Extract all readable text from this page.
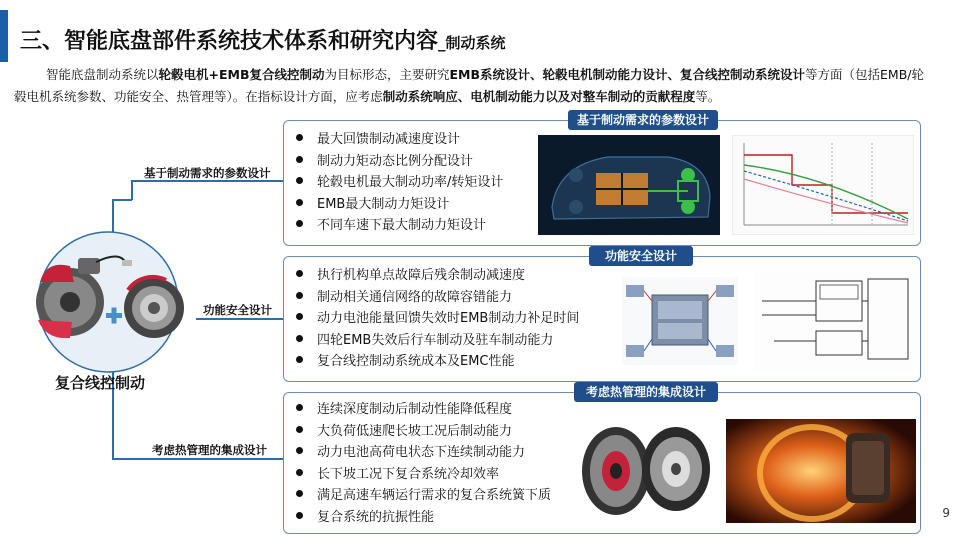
三、智能底盘部件系统技术体系和研究内容_制动系统
智能底盘制动系统以轮毂电机+EMB复合线控制动为目标形态，主要研究EMB系统设计、轮毂电机制动能力设计、复合线控制动系统设计等方面（包括EMB/轮毂电机系统参数、功能安全、热管理等）。在指标设计方面，应考虑制动系统响应、电机制动能力以及对整车制动的贡献程度等。
基于制动需求的参数设计
功能安全设计
考虑热管理的集成设计
复合线控制动
最大回馈制动减速度设计
制动力矩动态比例分配设计
轮毂电机最大制动功率/转矩设计
EMB最大制动力矩设计
不同车速下最大制动力矩设计
基于制动需求的参数设计
执行机构单点故障后残余制动减速度
制动相关通信网络的故障容错能力
动力电池能量回馈失效时EMB制动力补足时间
四轮EMB失效后行车制动及驻车制动能力
复合线控制动系统成本及EMC性能
功能安全设计
连续深度制动后制动性能降低程度
大负荷低速爬长坡工况后制动能力
动力电池高荷电状态下连续制动能力
长下坡工况下复合系统冷却效率
满足高速车辆运行需求的复合系统簧下质
复合系统的抗振性能
考虑热管理的集成设计
9
